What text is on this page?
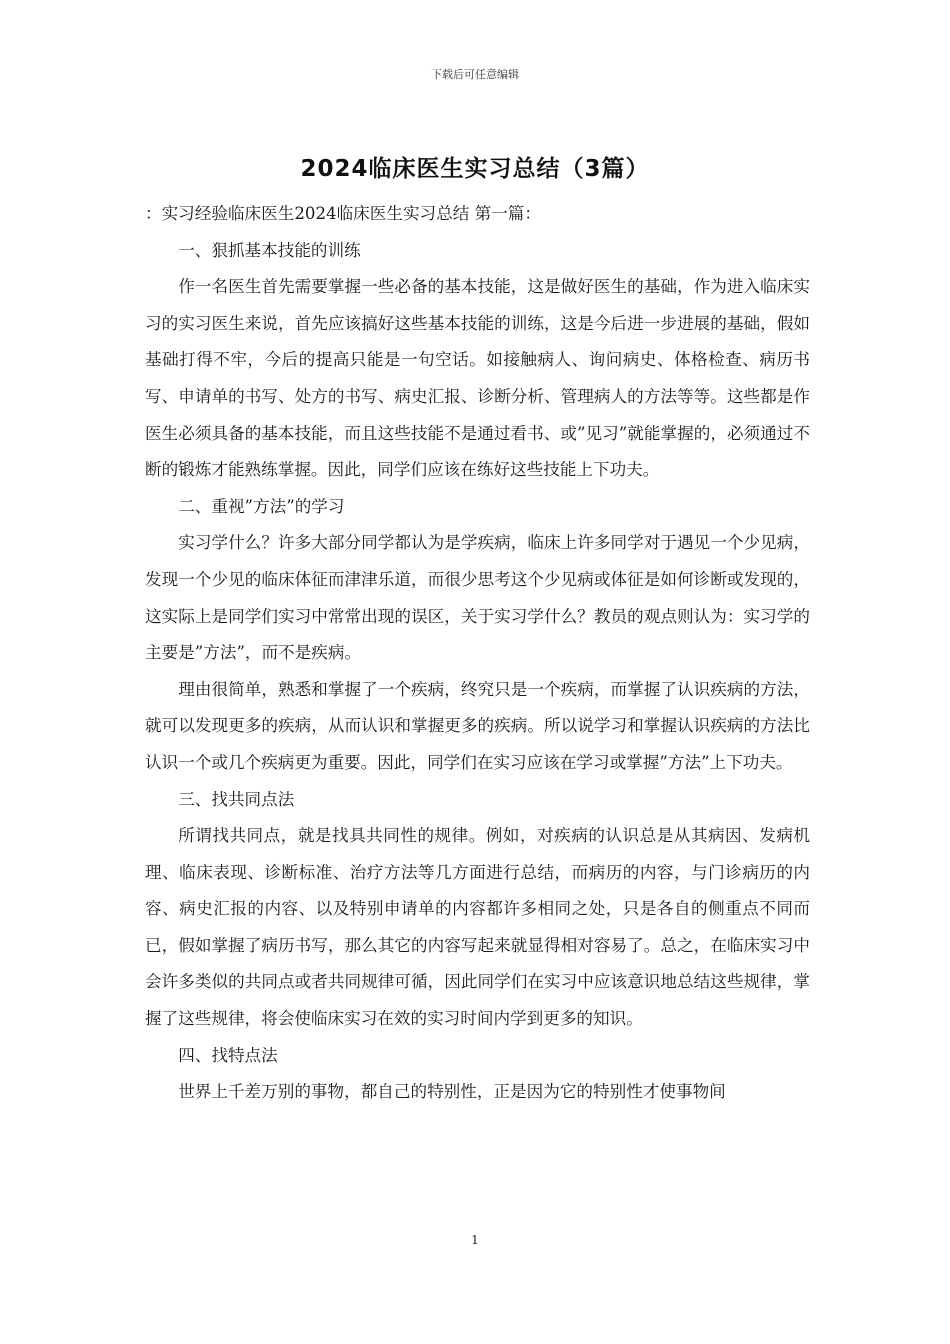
下载后可任意编辑
2024临床医生实习总结（3篇）

：实习经验临床医生2024临床医生实习总结 第一篇：

一、狠抓基本技能的训练

作一名医生首先需要掌握一些必备的基本技能，这是做好医生的基础，作为进入临床实习的实习医生来说，首先应该搞好这些基本技能的训练，这是今后进一步进展的基础，假如基础打得不牢，今后的提高只能是一句空话。如接触病人、询问病史、体格检查、病历书写、申请单的书写、处方的书写、病史汇报、诊断分析、管理病人的方法等等。这些都是作医生必须具备的基本技能，而且这些技能不是通过看书、或”见习”就能掌握的，必须通过不断的锻炼才能熟练掌握。因此，同学们应该在练好这些技能上下功夫。

二、重视”方法”的学习

实习学什么？许多大部分同学都认为是学疾病，临床上许多同学对于遇见一个少见病，发现一个少见的临床体征而津津乐道，而很少思考这个少见病或体征是如何诊断或发现的，这实际上是同学们实习中常常出现的误区，关于实习学什么？教员的观点则认为：实习学的主要是”方法”，而不是疾病。

理由很简单，熟悉和掌握了一个疾病，终究只是一个疾病，而掌握了认识疾病的方法，就可以发现更多的疾病，从而认识和掌握更多的疾病。所以说学习和掌握认识疾病的方法比认识一个或几个疾病更为重要。因此，同学们在实习应该在学习或掌握”方法”上下功夫。

三、找共同点法

所谓找共同点，就是找具共同性的规律。例如，对疾病的认识总是从其病因、发病机理、临床表现、诊断标准、治疗方法等几方面进行总结，而病历的内容，与门诊病历的内容、病史汇报的内容、以及特别申请单的内容都许多相同之处，只是各自的侧重点不同而已，假如掌握了病历书写，那么其它的内容写起来就显得相对容易了。总之，在临床实习中会许多类似的共同点或者共同规律可循，因此同学们在实习中应该意识地总结这些规律，掌握了这些规律，将会使临床实习在效的实习时间内学到更多的知识。

四、找特点法

世界上千差万别的事物，都自己的特别性，正是因为它的特别性才使事物间

1
